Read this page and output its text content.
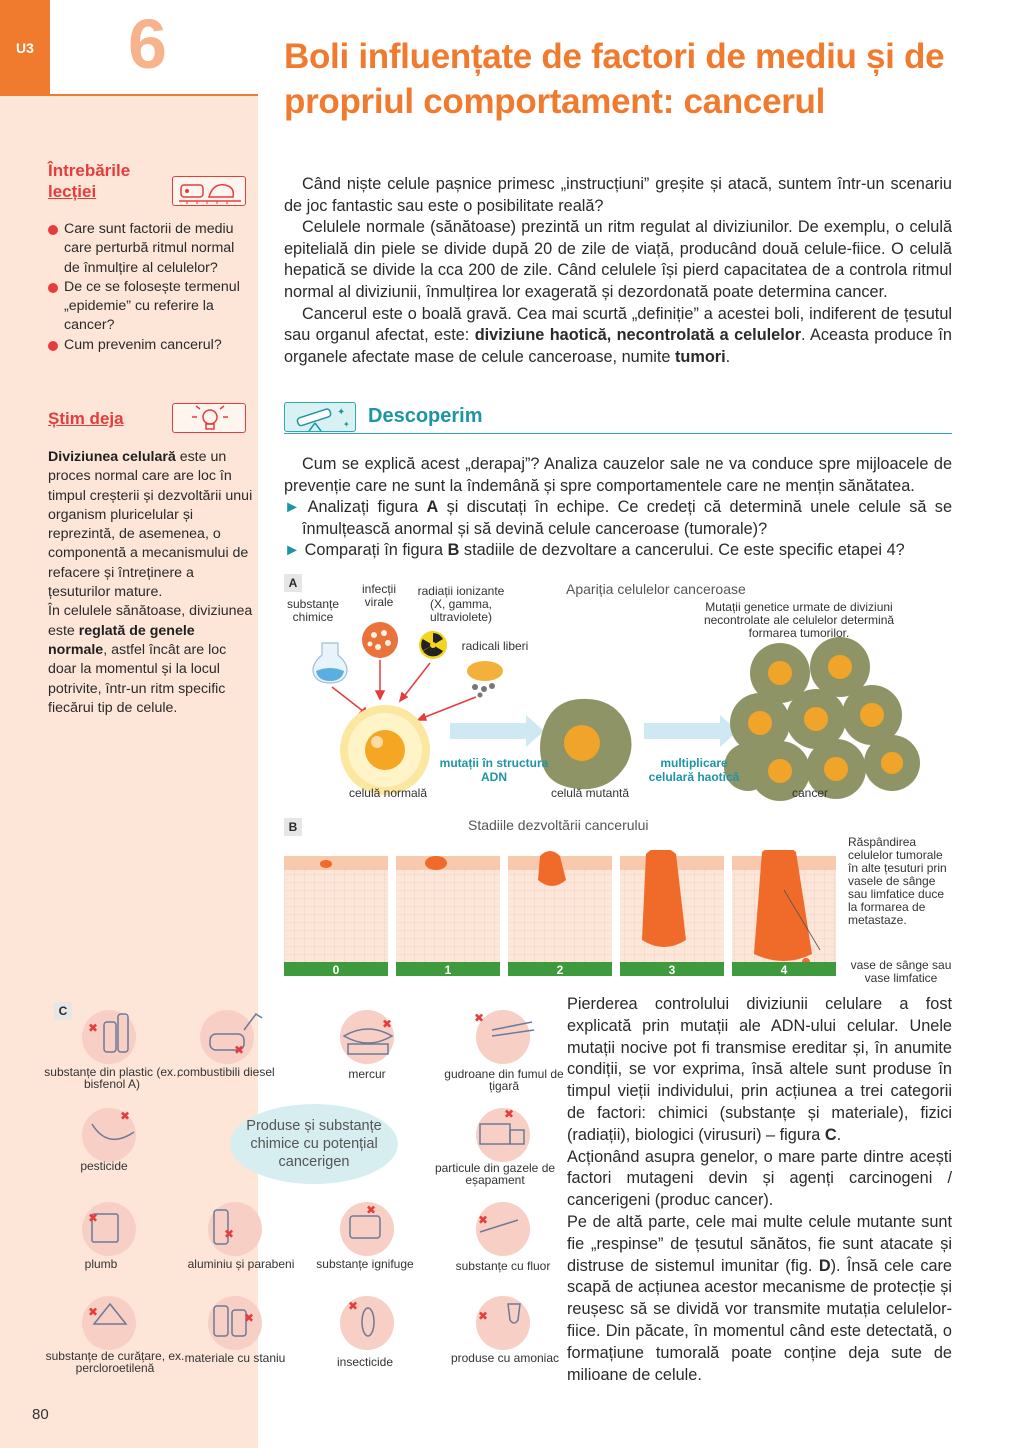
U3 6	Boli influențate de factori de mediu și de propriul comportament: cancerul
Întrebările
lecției
Care sunt factorii de mediu care perturbă ritmul normal de înmulțire al celulelor?
De ce se folosește termenul „epidemie” cu referire la cancer?
Cum prevenim cancerul?
Știm deja

Diviziunea celulară este un proces normal care are loc în timpul creșterii și dezvoltării unui organism pluricelular și reprezintă, de asemenea, o componentă a mecanismului de refacere și întreținere a țesuturilor mature.

În celulele sănătoase, diviziunea este reglată de genele normale, astfel încât are loc doar la momentul și la locul potrivite, într-un ritm specific fiecărui tip de celule.

Când niște celule pașnice primesc „instrucțiuni” greșite și atacă, suntem într-un scenariu de joc fantastic sau este o posibilitate reală?

Celulele normale (sănătoase) prezintă un ritm regulat al diviziunilor. De exemplu, o celulă epitelială din piele se divide după 20 de zile de viață, producând două celule-fiice. O celulă hepatică se divide la cca 200 de zile. Când celulele își pierd capacitatea de a controla ritmul normal al diviziunii, înmulțirea lor exagerată și dezordonată poate determina cancer.

Cancerul este o boală gravă. Cea mai scurtă „definiție” a acestei boli, indiferent de țesutul sau organul afectat, este: diviziune haotică, necontrolată a celulelor. Aceasta produce în organele afectate mase de celule canceroase, numite tumori.

✦
✦ Descoperim

Cum se explică acest „derapaj”? Analiza cauzelor sale ne va conduce spre mijloacele de prevenție care ne sunt la îndemână și spre comportamentele care ne mențin sănătatea.

► Analizați figura A și discutați în echipe. Ce credeți că determină unele celule să se înmulțească anormal și să devină celule canceroase (tumorale)?
► Comparați în figura B stadiile de dezvoltare a cancerului. Ce este specific etapei 4?
A	Apariția celulelor canceroase
substanțe chimice
infecții virale
radiații ionizante (X, gamma, ultraviolete)
radicali liberi
Mutații genetice urmate de diviziuni necontrolate ale celulelor determină formarea tumorilor.
mutații în structura ADN
multiplicare celulară haotică
celulă normală	celulă mutantă	cancer
B	Stadiile dezvoltării cancerului
0	1	2	3	4
Răspândirea celulelor tumorale în alte țesuturi prin vasele de sânge sau limfatice duce la formarea de metastaze.
vase de sânge sau vase limfatice
C
Produse și substanțe chimice cu potențial cancerigen
substanțe din plastic (ex., bisfenol A)
combustibili diesel	mercur	gudroane din fumul de țigară
pesticide	particule din gazele de eșapament
plumb	aluminiu și parabeni	substanțe ignifuge	substanțe cu fluor
substanțe de curățare, ex. percloroetilenă
materiale cu staniu	insecticide	produse cu amoniac
✖
✖
✖	✖
✖	✖
✖
✖
✖
✖
✖	✖
✖
✖

Pierderea controlului diviziunii celulare a fost explicată prin mutații ale ADN-ului celular. Unele mutații nocive pot fi transmise ereditar și, în anumite condiții, se vor exprima, însă altele sunt produse în timpul vieții individului, prin acțiunea a trei categorii de factori: chimici (substanțe și materiale), fizici (radiații), biologici (virusuri) – figura C.

Acționând asupra genelor, o mare parte dintre acești factori mutageni devin și agenți carcinogeni / cancerigeni (produc cancer).

Pe de altă parte, cele mai multe celule mutante sunt fie „respinse” de țesutul sănătos, fie sunt atacate și distruse de sistemul imunitar (fig. D). Însă cele care scapă de acțiunea acestor mecanisme de protecție și reușesc să se dividă vor transmite mutația celulelor-fiice. Din păcate, în momentul când este detectată, o formațiune tumorală poate conține deja sute de milioane de celule.

80
